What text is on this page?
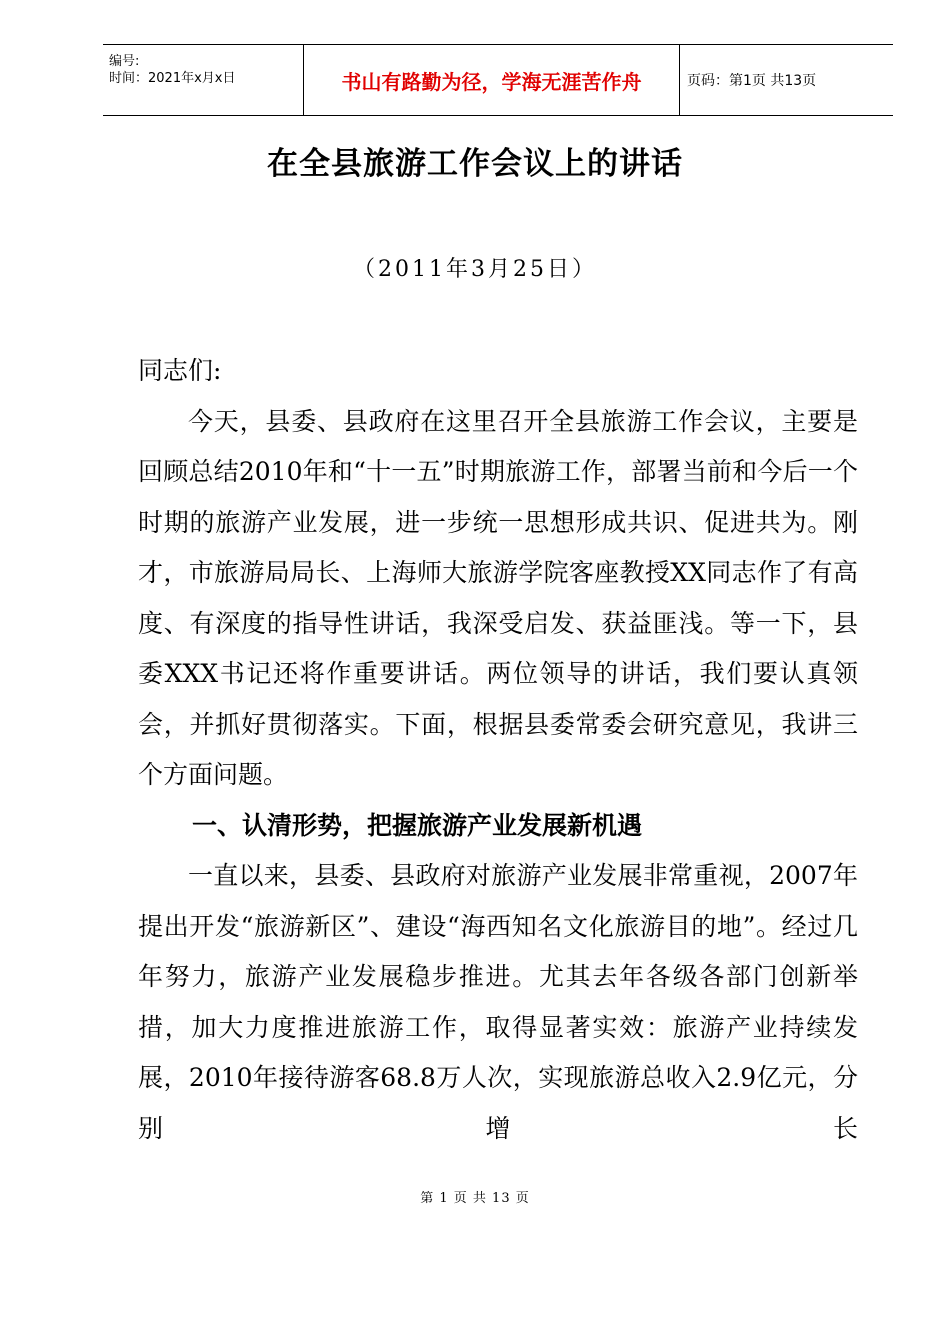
编号:
时间：2021年x月x日	书山有路勤为径，学海无涯苦作舟	页码：第1页 共13页
在全县旅游工作会议上的讲话
（2011年3月25日）

同志们:

今天，县委、县政府在这里召开全县旅游工作会议，主要是回顾总结2010年和“十一五”时期旅游工作，部署当前和今后一个时期的旅游产业发展，进一步统一思想形成共识、促进共为。刚才，市旅游局局长、上海师大旅游学院客座教授XX同志作了有高度、有深度的指导性讲话，我深受启发、获益匪浅。等一下，县委XXX书记还将作重要讲话。两位领导的讲话，我们要认真领会，并抓好贯彻落实。下面，根据县委常委会研究意见，我讲三个方面问题。

一、认清形势，把握旅游产业发展新机遇

一直以来，县委、县政府对旅游产业发展非常重视，2007年提出开发“旅游新区”、建设“海西知名文化旅游目的地”。经过几年努力，旅游产业发展稳步推进。尤其去年各级各部门创新举措，加大力度推进旅游工作，取得显著实效：旅游产业持续发展，2010年接待游客68.8万人次，实现旅游总收入2.9亿元，分别增长

第 1 页 共 13 页
